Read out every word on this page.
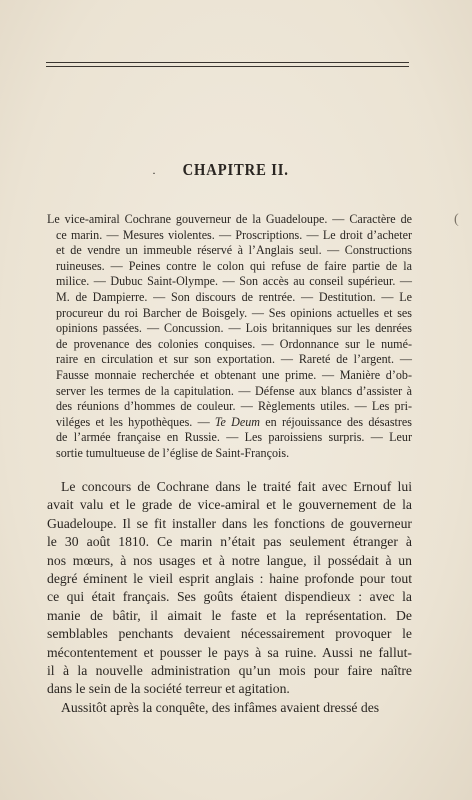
· CHAPITRE II.
(
Le vice-amiral Cochrane gouverneur de la Guadeloupe. — Caractère de
ce marin. — Mesures violentes. — Proscriptions. — Le droit d’acheter
et de vendre un immeuble réservé à l’Anglais seul. — Constructions
ruineuses. — Peines contre le colon qui refuse de faire partie de la
milice. — Dubuc Saint-Olympe. — Son accès au conseil supérieur. —
M. de Dampierre. — Son discours de rentrée. — Destitution. — Le
procureur du roi Barcher de Boisgely. — Ses opinions actuelles et ses
opinions passées. — Concussion. — Lois britanniques sur les denrées
de provenance des colonies conquises. — Ordonnance sur le numé-
raire en circulation et sur son exportation. — Rareté de l’argent. —
Fausse monnaie recherchée et obtenant une prime. — Manière d’ob-
server les termes de la capitulation. — Défense aux blancs d’assister à
des réunions d’hommes de couleur. — Règlements utiles. — Les pri-
viléges et les hypothèques. — Te Deum en réjouissance des désastres
de l’armée française en Russie. — Les paroissiens surpris. — Leur
sortie tumultueuse de l’église de Saint-François.
Le concours de Cochrane dans le traité fait avec Ernouf lui
avait valu et le grade de vice-amiral et le gouvernement de la
Guadeloupe. Il se fit installer dans les fonctions de gouverneur
le 30 août 1810. Ce marin n’était pas seulement étranger à
nos mœurs, à nos usages et à notre langue, il possédait à un
degré éminent le vieil esprit anglais : haine profonde pour tout
ce qui était français. Ses goûts étaient dispendieux : avec la
manie de bâtir, il aimait le faste et la représentation. De
semblables penchants devaient nécessairement provoquer le
mécontentement et pousser le pays à sa ruine. Aussi ne fallut-
il à la nouvelle administration qu’un mois pour faire naître
dans le sein de la société terreur et agitation.
Aussitôt après la conquête, des infâmes avaient dressé des
